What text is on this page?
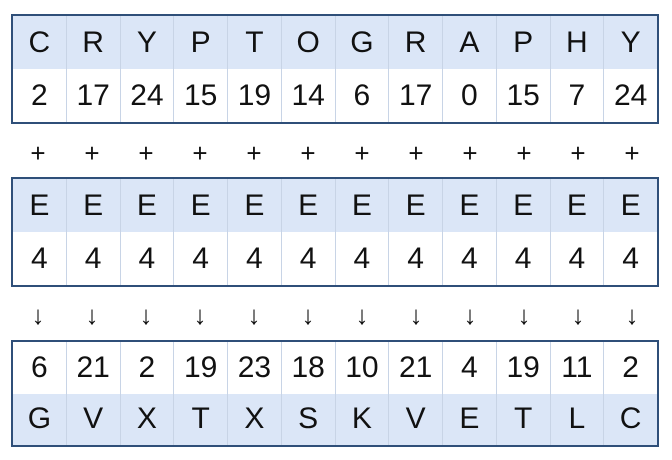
C	R	Y	P	T	O	G	R	A	P	H	Y
2 17 24 15 19 14 6 17 0 15 7 24
+	+	+	+	+	+	+	+	+	+	+	+
E	E	E	E	E	E	E	E	E	E	E	E
4	4	4	4	4	4	4	4	4	4	4	4
↓	↓	↓	↓	↓	↓	↓	↓	↓	↓	↓	↓
6 21 2 19 23 18 10 21 4 19 11 2
G	V	X	T	X	S	K	V	E	T	L	C
